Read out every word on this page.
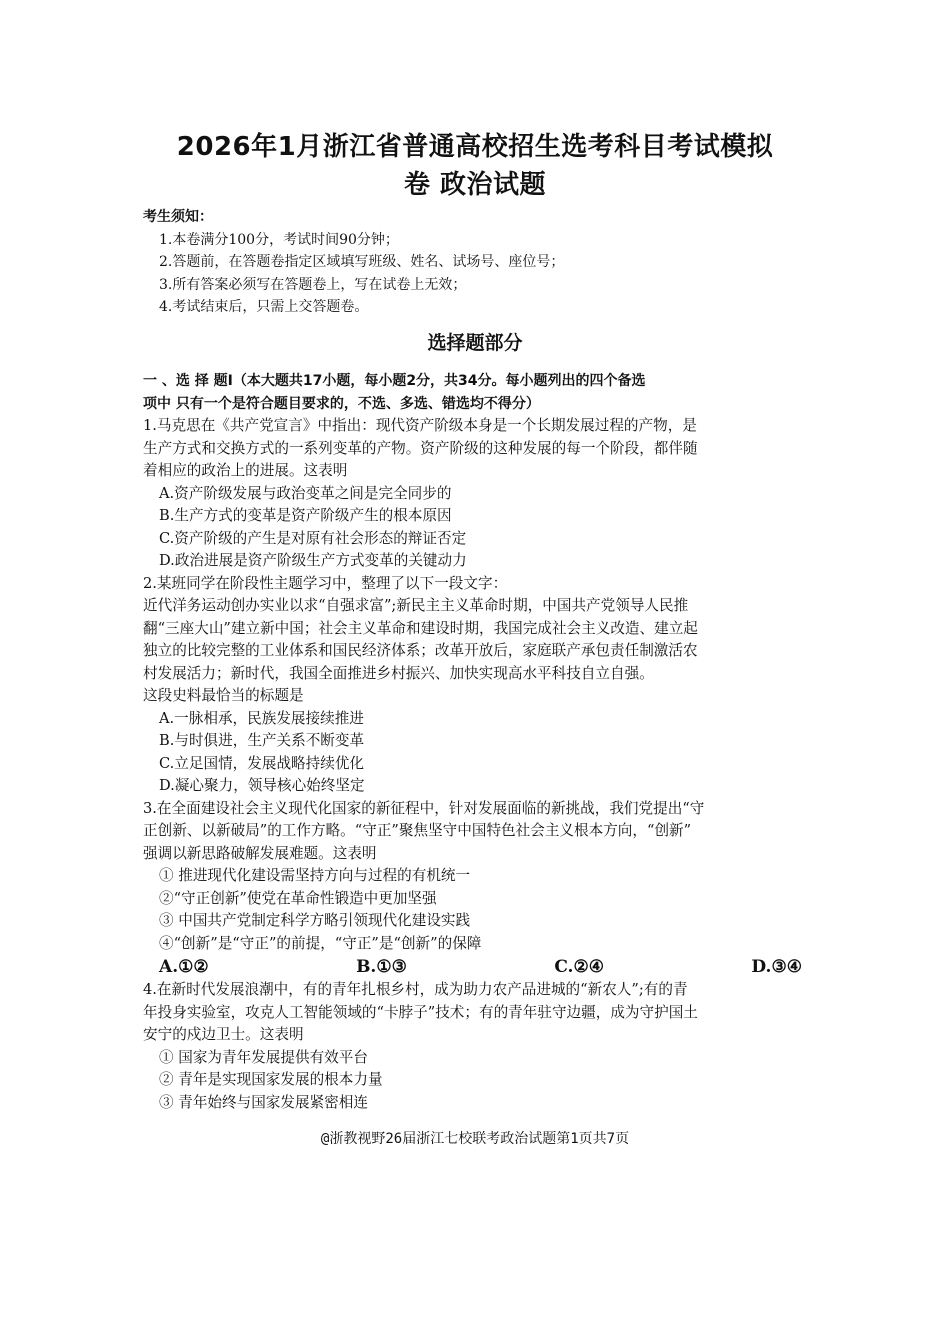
2026年1月浙江省普通高校招生选考科目考试模拟
卷 政治试题
考生须知：
1.本卷满分100分，考试时间90分钟；
2.答题前，在答题卷指定区域填写班级、姓名、试场号、座位号；
3.所有答案必须写在答题卷上，写在试卷上无效；
4.考试结束后，只需上交答题卷。
选择题部分

一 、选 择 题Ⅰ（本大题共17小题，每小题2分，共34分。每小题列出的四个备选

项中 只有一个是符合题目要求的，不选、多选、错选均不得分）

1.马克思在《共产党宣言》中指出：现代资产阶级本身是一个长期发展过程的产物，是

生产方式和交换方式的一系列变革的产物。资产阶级的这种发展的每一个阶段，都伴随

着相应的政治上的进展。这表明

A.资产阶级发展与政治变革之间是完全同步的

B.生产方式的变革是资产阶级产生的根本原因

C.资产阶级的产生是对原有社会形态的辩证否定

D.政治进展是资产阶级生产方式变革的关键动力

2.某班同学在阶段性主题学习中，整理了以下一段文字：

近代洋务运动创办实业以求“自强求富”;新民主主义革命时期，中国共产党领导人民推

翻“三座大山”建立新中国；社会主义革命和建设时期，我国完成社会主义改造、建立起

独立的比较完整的工业体系和国民经济体系；改革开放后，家庭联产承包责任制激活农

村发展活力；新时代，我国全面推进乡村振兴、加快实现高水平科技自立自强。

这段史料最恰当的标题是

A.一脉相承，民族发展接续推进

B.与时俱进，生产关系不断变革

C.立足国情，发展战略持续优化

D.凝心聚力，领导核心始终坚定

3.在全面建设社会主义现代化国家的新征程中，针对发展面临的新挑战，我们党提出“守

正创新、以新破局”的工作方略。“守正”聚焦坚守中国特色社会主义根本方向，“创新”

强调以新思路破解发展难题。这表明

① 推进现代化建设需坚持方向与过程的有机统一

②“守正创新”使党在革命性锻造中更加坚强

③ 中国共产党制定科学方略引领现代化建设实践

④“创新”是“守正”的前提，“守正”是“创新”的保障

A.①②	B.①③	C.②④	D.③④

4.在新时代发展浪潮中，有的青年扎根乡村，成为助力农产品进城的“新农人”;有的青

年投身实验室，攻克人工智能领域的“卡脖子”技术；有的青年驻守边疆，成为守护国土

安宁的戍边卫士。这表明

① 国家为青年发展提供有效平台

② 青年是实现国家发展的根本力量

③ 青年始终与国家发展紧密相连

@浙教视野26届浙江七校联考政治试题第1页共7页
